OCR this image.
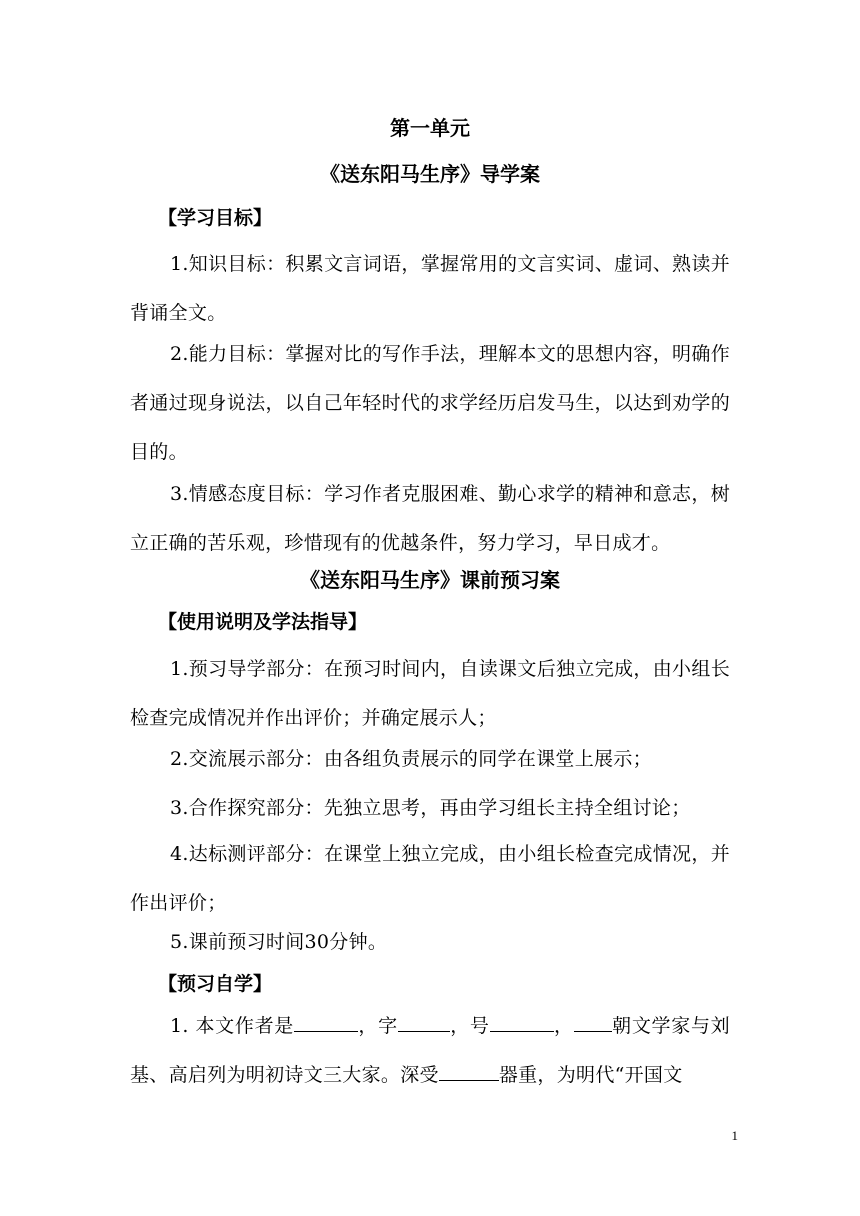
第一单元
《送东阳马生序》导学案
【学习目标】
1.知识目标：积累文言词语，掌握常用的文言实词、虚词、熟读并背诵全文。
2.能力目标：掌握对比的写作手法，理解本文的思想内容，明确作者通过现身说法，以自己年轻时代的求学经历启发马生，以达到劝学的目的。
3.情感态度目标：学习作者克服困难、勤心求学的精神和意志，树立正确的苦乐观，珍惜现有的优越条件，努力学习，早日成才。
《送东阳马生序》课前预习案
【使用说明及学法指导】
1.预习导学部分：在预习时间内，自读课文后独立完成，由小组长检查完成情况并作出评价；并确定展示人；
2.交流展示部分：由各组负责展示的同学在课堂上展示；
3.合作探究部分：先独立思考，再由学习组长主持全组讨论；
4.达标测评部分：在课堂上独立完成，由小组长检查完成情况，并作出评价；
5.课前预习时间30分钟。
【预习自学】
1. 本文作者是	，字	，号	， 朝文学家与刘基、高启列为明初诗文三大家。深受	器重，为明代“开国文
1
